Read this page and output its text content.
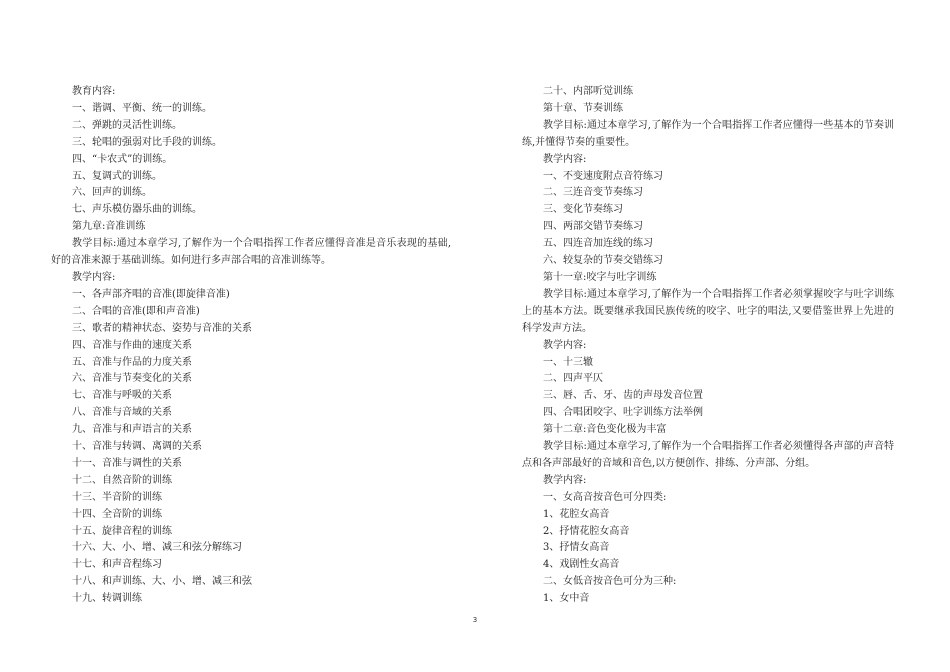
教育内容:
一、谐调、平衡、统一的训练。
二、弹跳的灵活性训练。
三、轮唱的强弱对比手段的训练。
四、“卡农式”的训练。
五、复调式的训练。
六、回声的训练。
七、声乐模仿器乐曲的训练。
第九章:音准训练
教学目标:通过本章学习,了解作为一个合唱指挥工作者应懂得音准是音乐表现的基础,好的音准来源于基础训练。如何进行多声部合唱的音准训练等。
教学内容:
一、各声部齐唱的音准(即旋律音准)
二、合唱的音准(即和声音准)
三、歌者的精神状态、姿势与音准的关系
四、音准与作曲的速度关系
五、音准与作品的力度关系
六、音准与节奏变化的关系
七、音准与呼吸的关系
八、音准与音域的关系
九、音准与和声语言的关系
十、音准与转调、离调的关系
十一、音准与调性的关系
十二、自然音阶的训练
十三、半音阶的训练
十四、全音阶的训练
十五、旋律音程的训练
十六、大、小、增、减三和弦分解练习
十七、和声音程练习
十八、和声训练、大、小、增、减三和弦
十九、转调训练
二十、内部听觉训练
第十章、节奏训练
教学目标:通过本章学习,了解作为一个合唱指挥工作者应懂得一些基本的节奏训练,并懂得节奏的重要性。
教学内容:
一、不变速度附点音符练习
二、三连音变节奏练习
三、变化节奏练习
四、两部交错节奏练习
五、四连音加连线的练习
六、较复杂的节奏交错练习
第十一章:咬字与吐字训练
教学目标:通过本章学习,了解作为一个合唱指挥工作者必须掌握咬字与吐字训练上的基本方法。既要继承我国民族传统的咬字、吐字的唱法,又要借鉴世界上先进的科学发声方法。
教学内容:
一、十三辙
二、四声平仄
三、唇、舌、牙、齿的声母发音位置
四、合唱团咬字、吐字训练方法举例
第十二章:音色变化极为丰富
教学目标:通过本章学习,了解作为一个合唱指挥工作者必须懂得各声部的声音特点和各声部最好的音域和音色,以方便创作、排练、分声部、分组。
教学内容:
一、女高音按音色可分四类:
1、花腔女高音
2、抒情花腔女高音
3、抒情女高音
4、戏剧性女高音
二、女低音按音色可分为三种:
1、女中音
3
